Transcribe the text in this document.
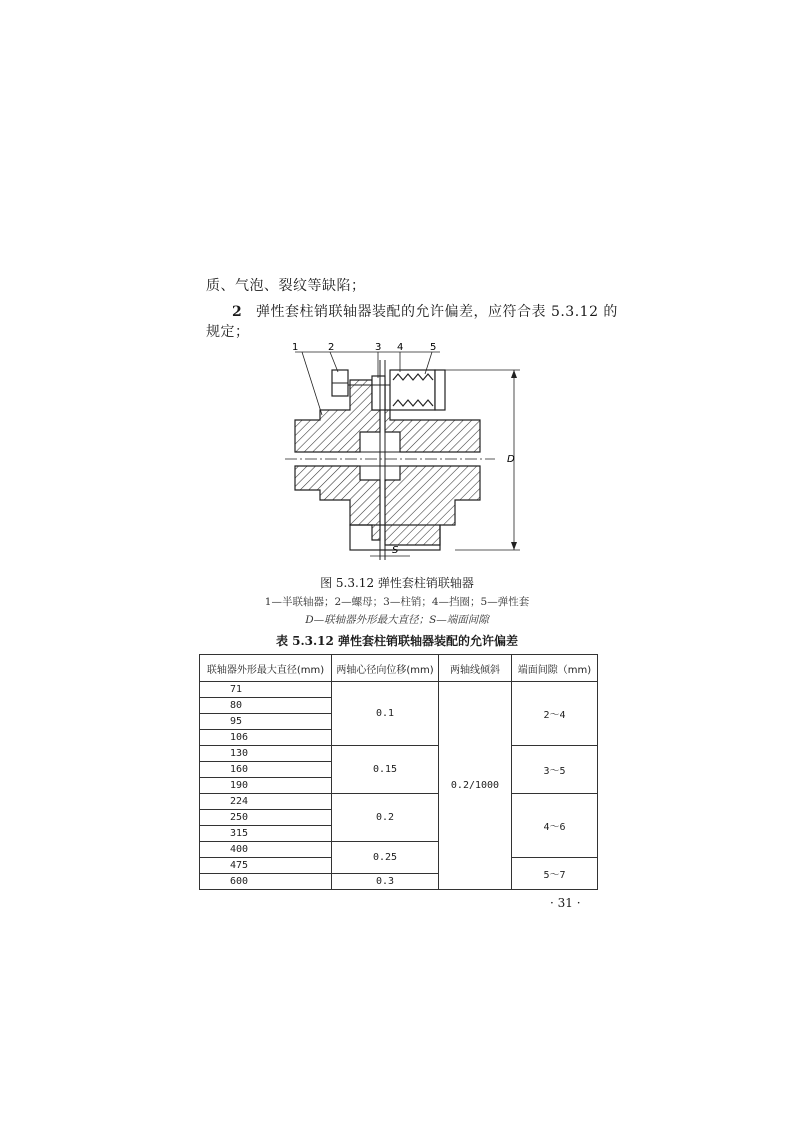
质、气泡、裂纹等缺陷；
2 弹性套柱销联轴器装配的允许偏差，应符合表 5.3.12 的
规定；
1	2	3 4	5
D
S
图 5.3.12 弹性套柱销联轴器
1—半联轴器；2—螺母；3—柱销；4—挡圈；5—弹性套
D—联轴器外形最大直径；S—端面间隙
表 5.3.12 弹性套柱销联轴器装配的允许偏差
联轴器外形最大直径(mm)	两轴心径向位移(mm)	两轴线倾斜	端面间隙（mm)
71	0.1	0.2/1000	2～4
80			
95			
106			
130	0.15		3～5
160			
190			
224	0.2		4～6
250			
315			
400	0.25		
475			5～7
600	0.3		
· 31 ·
